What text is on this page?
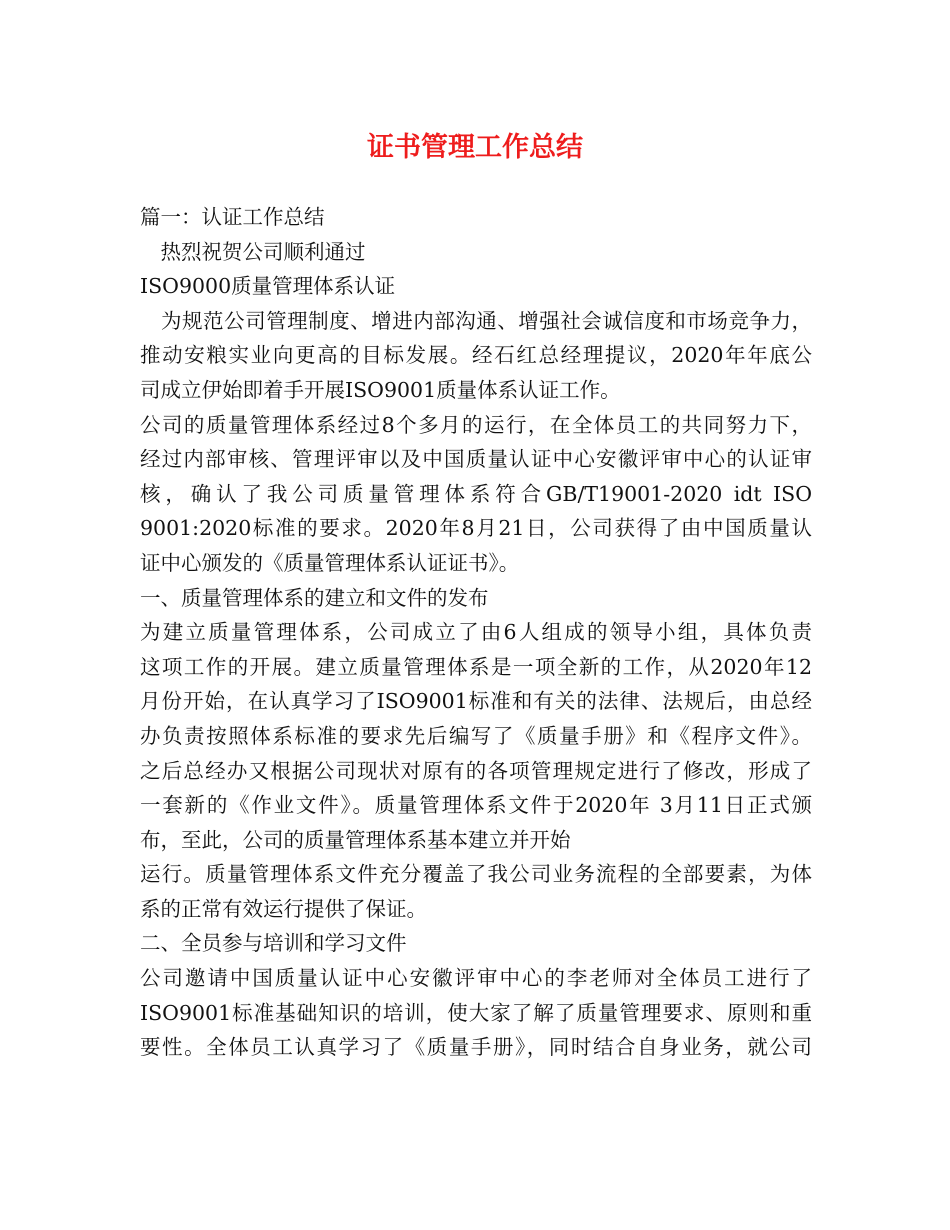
证书管理工作总结
篇一：认证工作总结
　热烈祝贺公司顺利通过
ISO9000质量管理体系认证
　为规范公司管理制度、增进内部沟通、增强社会诚信度和市场竞争力，
推动安粮实业向更高的目标发展。经石红总经理提议，2020年年底公
司成立伊始即着手开展ISO9001质量体系认证工作。
公司的质量管理体系经过8个多月的运行，在全体员工的共同努力下，
经过内部审核、管理评审以及中国质量认证中心安徽评审中心的认证审
核，确认了我公司质量管理体系符合GB/T19001-2020 idt ISO
9001:2020标准的要求。2020年8月21日，公司获得了由中国质量认
证中心颁发的《质量管理体系认证证书》。
一、质量管理体系的建立和文件的发布
为建立质量管理体系，公司成立了由6人组成的领导小组，具体负责
这项工作的开展。建立质量管理体系是一项全新的工作，从2020年12
月份开始，在认真学习了ISO9001标准和有关的法律、法规后，由总经
办负责按照体系标准的要求先后编写了《质量手册》和《程序文件》。
之后总经办又根据公司现状对原有的各项管理规定进行了修改，形成了
一套新的《作业文件》。质量管理体系文件于2020年 3月11日正式颁
布，至此，公司的质量管理体系基本建立并开始
运行。质量管理体系文件充分覆盖了我公司业务流程的全部要素，为体
系的正常有效运行提供了保证。
二、全员参与培训和学习文件
公司邀请中国质量认证中心安徽评审中心的李老师对全体员工进行了
ISO9001标准基础知识的培训，使大家了解了质量管理要求、原则和重
要性。全体员工认真学习了《质量手册》，同时结合自身业务，就公司
